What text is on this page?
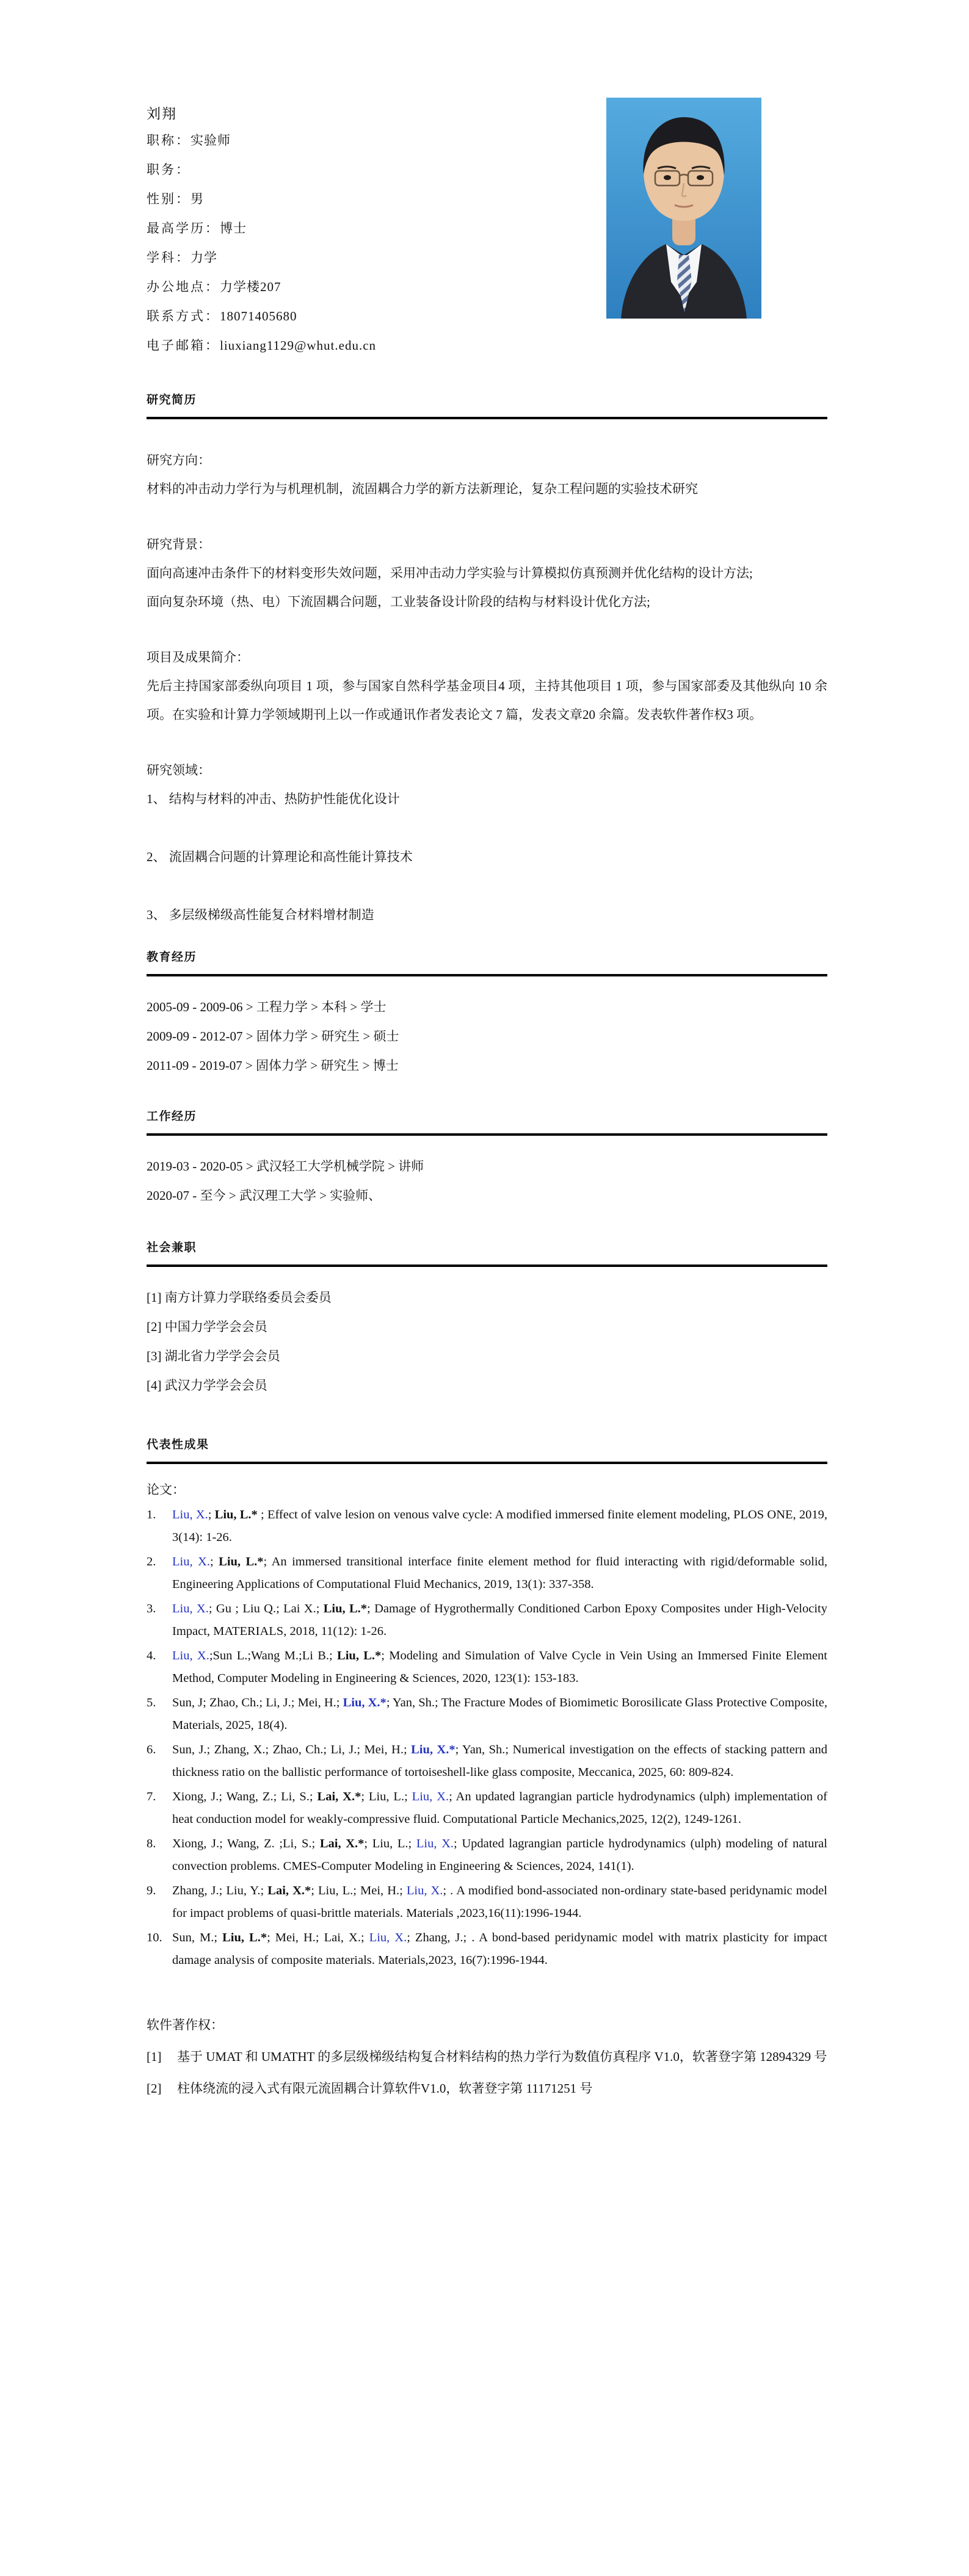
刘翔
职称：实验师
职务：
性别：男
最高学历：博士
学科：力学
办公地点：力学楼207
联系方式：18071405680
电子邮箱：liuxiang1129@whut.edu.cn
研究简历
研究方向：

材料的冲击动力学行为与机理机制，流固耦合力学的新方法新理论，复杂工程问题的实验技术研究

研究背景：

面向高速冲击条件下的材料变形失效问题，采用冲击动力学实验与计算模拟仿真预测并优化结构的设计方法;

面向复杂环境（热、电）下流固耦合问题，工业装备设计阶段的结构与材料设计优化方法;

项目及成果简介：

先后主持国家部委纵向项目 1 项，参与国家自然科学基金项目4 项，主持其他项目 1 项，参与国家部委及其他纵向 10 余项。在实验和计算力学领域期刊上以一作或通讯作者发表论文 7 篇，发表文章20 余篇。发表软件著作权3 项。

研究领域：

1、 结构与材料的冲击、热防护性能优化设计

2、 流固耦合问题的计算理论和高性能计算技术

3、 多层级梯级高性能复合材料增材制造

教育经历
2005-09 - 2009-06 > 工程力学 > 本科 > 学士
2009-09 - 2012-07 > 固体力学 > 研究生 > 硕士
2011-09 - 2019-07 > 固体力学 > 研究生 > 博士
工作经历
2019-03 - 2020-05 > 武汉轻工大学机械学院 > 讲师
2020-07 - 至今 > 武汉理工大学 > 实验师、
社会兼职
[1] 南方计算力学联络委员会委员
[2] 中国力学学会会员
[3] 湖北省力学学会会员
[4] 武汉力学学会会员
代表性成果
论文：
1.	Liu, X.; Liu, L.* ; Effect of valve lesion on venous valve cycle: A modified immersed finite element modeling, PLOS ONE, 2019, 3(14): 1-26.
2.	Liu, X.; Liu, L.*; An immersed transitional interface finite element method for fluid interacting with rigid/deformable solid, Engineering Applications of Computational Fluid Mechanics, 2019, 13(1): 337-358.
3.	Liu, X.; Gu ; Liu Q.; Lai X.; Liu, L.*; Damage of Hygrothermally Conditioned Carbon Epoxy Composites under High-Velocity Impact, MATERIALS, 2018, 11(12): 1-26.
4.	Liu, X.;Sun L.;Wang M.;Li B.; Liu, L.*; Modeling and Simulation of Valve Cycle in Vein Using an Immersed Finite Element Method, Computer Modeling in Engineering & Sciences, 2020, 123(1): 153-183.
5.	Sun, J; Zhao, Ch.; Li, J.; Mei, H.; Liu, X.*; Yan, Sh.; The Fracture Modes of Biomimetic Borosilicate Glass Protective Composite, Materials, 2025, 18(4).
6.	Sun, J.; Zhang, X.; Zhao, Ch.; Li, J.; Mei, H.; Liu, X.*; Yan, Sh.; Numerical investigation on the effects of stacking pattern and thickness ratio on the ballistic performance of tortoiseshell-like glass composite, Meccanica, 2025, 60: 809-824.
7.	Xiong, J.; Wang, Z.; Li, S.; Lai, X.*; Liu, L.; Liu, X.; An updated lagrangian particle hydrodynamics (ulph) implementation of heat conduction model for weakly-compressive fluid. Computational Particle Mechanics,2025, 12(2), 1249-1261.
8.	Xiong, J.; Wang, Z. ;Li, S.; Lai, X.*; Liu, L.; Liu, X.; Updated lagrangian particle hydrodynamics (ulph) modeling of natural convection problems. CMES-Computer Modeling in Engineering & Sciences, 2024, 141(1).
9.	Zhang, J.; Liu, Y.; Lai, X.*; Liu, L.; Mei, H.; Liu, X.; . A modified bond-associated non-ordinary state-based peridynamic model for impact problems of quasi-brittle materials. Materials ,2023,16(11):1996-1944.
10. Sun, M.; Liu, L.*; Mei, H.; Lai, X.; Liu, X.; Zhang, J.; . A bond-based peridynamic model with matrix plasticity for impact damage analysis of composite materials. Materials,2023, 16(7):1996-1944.
软件著作权：
[1]	基于 UMAT 和 UMATHT 的多层级梯级结构复合材料结构的热力学行为数值仿真程序 V1.0，软著登字第 12894329 号
[2]	柱体绕流的浸入式有限元流固耦合计算软件V1.0，软著登字第 11171251 号
